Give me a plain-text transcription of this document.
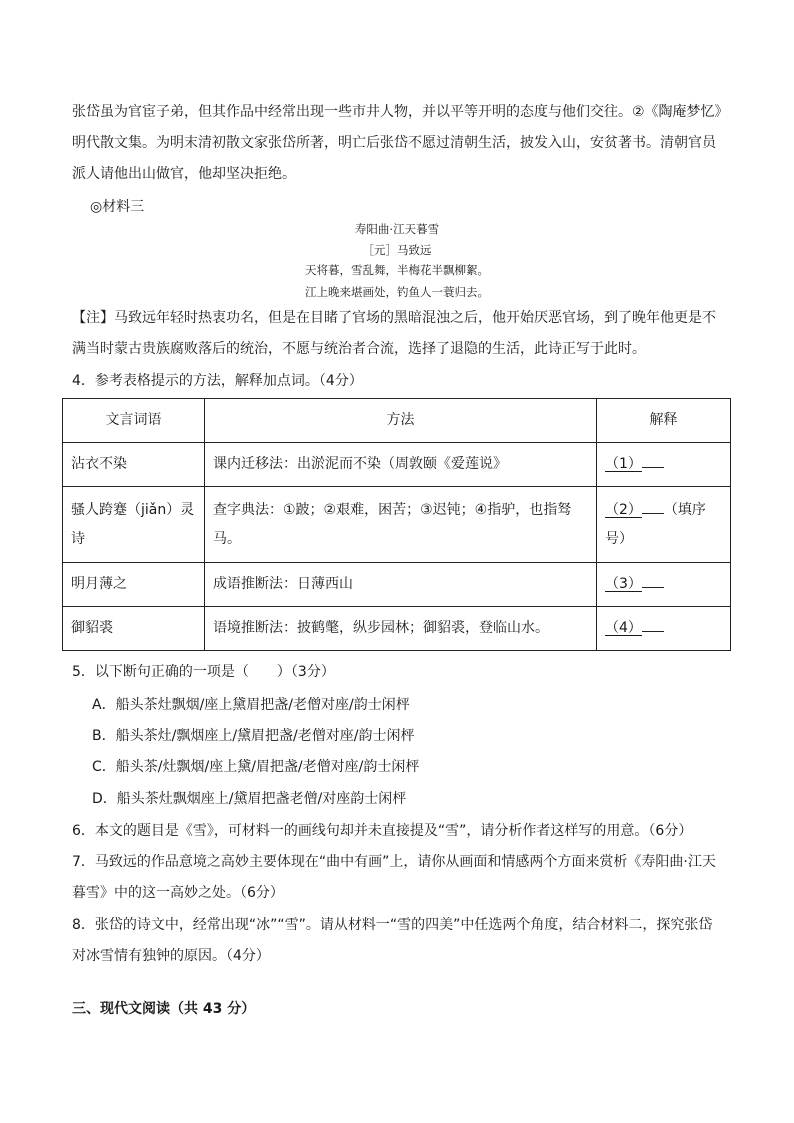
张岱虽为官宦子弟，但其作品中经常出现一些市井人物，并以平等开明的态度与他们交往。②《陶庵梦忆》明代散文集。为明末清初散文家张岱所著，明亡后张岱不愿过清朝生活，披发入山，安贫著书。清朝官员派人请他出山做官，他却坚决拒绝。

◎材料三
寿阳曲·江天暮雪
［元］马致远
天将暮，雪乱舞，半梅花半飘柳絮。
江上晚来堪画处，钓鱼人一蓑归去。

【注】马致远年轻时热衷功名，但是在目睹了官场的黑暗混浊之后，他开始厌恶官场，到了晚年他更是不满当时蒙古贵族腐败落后的统治，不愿与统治者合流，选择了退隐的生活，此诗正写于此时。

4．参考表格提示的方法，解释加点词。（4分）
文言词语	方法	解释
沾衣不染	课内迁移法：出淤泥而不染（周敦颐《爱莲说》	（1）
骚人跨蹇（jiǎn）灵诗	查字典法：①跛；②艰难，困苦；③迟钝；④指驴，也指驽马。	（2） （填序号）
明月薄之	成语推断法：日薄西山	（3）
御貂裘	语境推断法：披鹤氅，纵步园林；御貂裘，登临山水。	（4）
5．以下断句正确的一项是（　　）（3分）
A．船头茶灶飘烟/座上黛眉把盏/老僧对座/韵士闲枰
B．船头茶灶/飘烟座上/黛眉把盏/老僧对座/韵士闲枰
C．船头茶/灶飘烟/座上黛/眉把盏/老僧对座/韵士闲枰
D．船头茶灶飘烟座上/黛眉把盏老僧/对座韵士闲枰
6．本文的题目是《雪》，可材料一的画线句却并未直接提及“雪”，请分析作者这样写的用意。（6分）

7．马致远的作品意境之高妙主要体现在“曲中有画”上，请你从画面和情感两个方面来赏析《寿阳曲·江天暮雪》中的这一高妙之处。（6分）

8．张岱的诗文中，经常出现“冰”“雪”。请从材料一“雪的四美”中任选两个角度，结合材料二，探究张岱对冰雪情有独钟的原因。（4分）

三、现代文阅读（共 43 分）
